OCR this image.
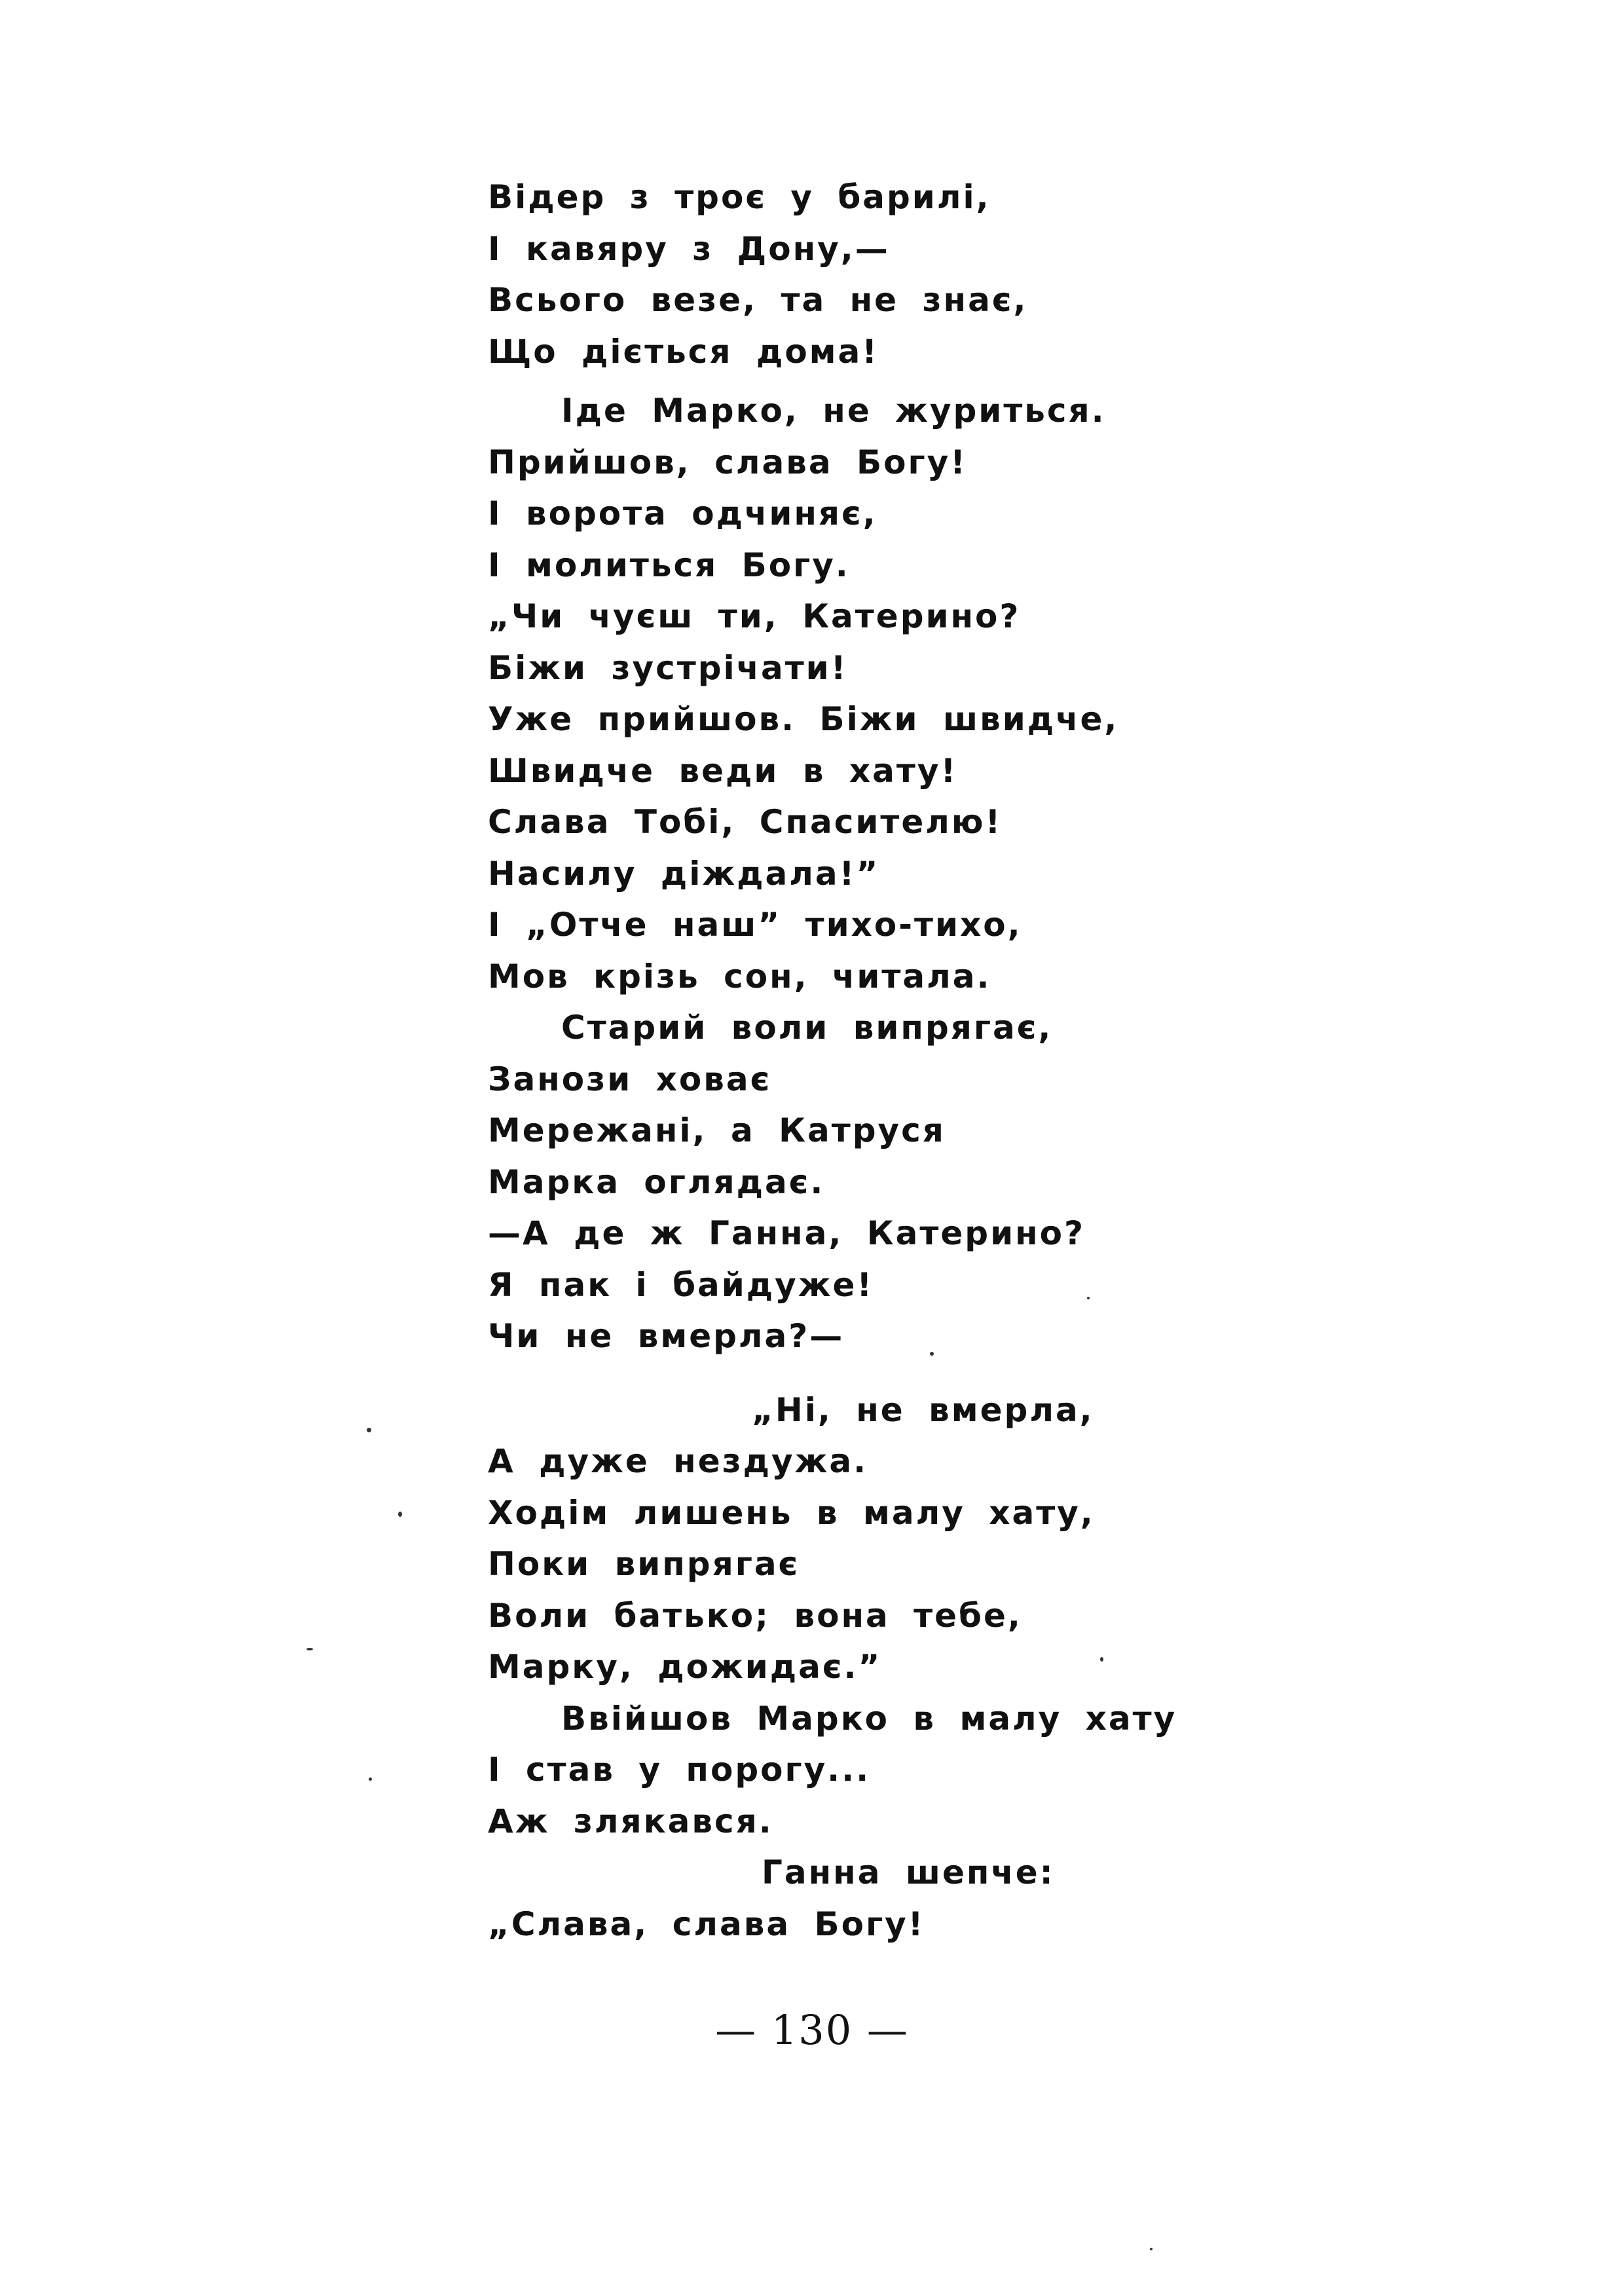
Відер з троє у барилі,
І кавяру з Дону,—
Всього везе, та не знає,
Що діється дома!
Іде Марко, не журиться.
Прийшов, слава Богу!
І ворота одчиняє,
І молиться Богу.
„Чи чуєш ти, Катерино?
Біжи зустрічати!
Уже прийшов. Біжи швидче,
Швидче веди в хату!
Слава Тобі, Спасителю!
Насилу діждала!”
І „Отче наш” тихо-тихо,
Мов крізь сон, читала.
Старий воли випрягає,
Занози ховає
Мережані, а Катруся
Марка оглядає.
—А де ж Ганна, Катерино?
Я пак і байдуже!
Чи не вмерла?—
„Ні, не вмерла,
А дуже нездужа.
Ходім лишень в малу хату,
Поки випрягає
Воли батько; вона тебе,
Марку, дожидає.”
Ввійшов Марко в малу хату
І став у порогу...
Аж злякався.
Ганна шепче:
„Слава, слава Богу!
— 130 —
